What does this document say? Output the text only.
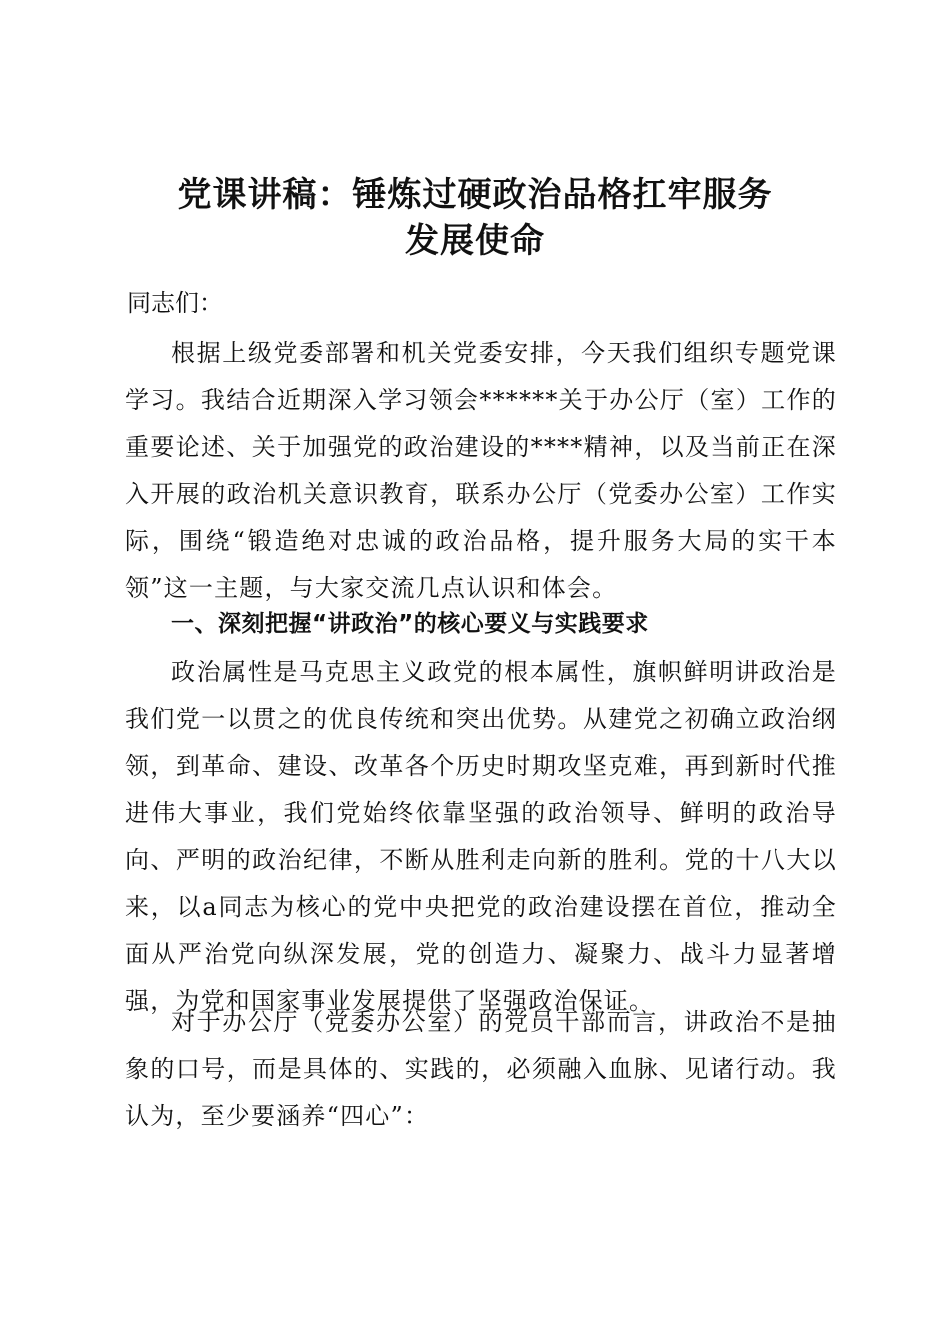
党课讲稿：锤炼过硬政治品格扛牢服务
发展使命
同志们：
根据上级党委部署和机关党委安排，今天我们组织专题党课学习。我结合近期深入学习领会******关于办公厅（室）工作的重要论述、关于加强党的政治建设的****精神，以及当前正在深入开展的政治机关意识教育，联系办公厅（党委办公室）工作实际，围绕“锻造绝对忠诚的政治品格，提升服务大局的实干本领”这一主题，与大家交流几点认识和体会。
一、深刻把握“讲政治”的核心要义与实践要求
政治属性是马克思主义政党的根本属性，旗帜鲜明讲政治是我们党一以贯之的优良传统和突出优势。从建党之初确立政治纲领，到革命、建设、改革各个历史时期攻坚克难，再到新时代推进伟大事业，我们党始终依靠坚强的政治领导、鲜明的政治导向、严明的政治纪律，不断从胜利走向新的胜利。党的十八大以来，以a同志为核心的党中央把党的政治建设摆在首位，推动全面从严治党向纵深发展，党的创造力、凝聚力、战斗力显著增强，为党和国家事业发展提供了坚强政治保证。
对于办公厅（党委办公室）的党员干部而言，讲政治不是抽象的口号，而是具体的、实践的，必须融入血脉、见诸行动。我认为，至少要涵养“四心”：
